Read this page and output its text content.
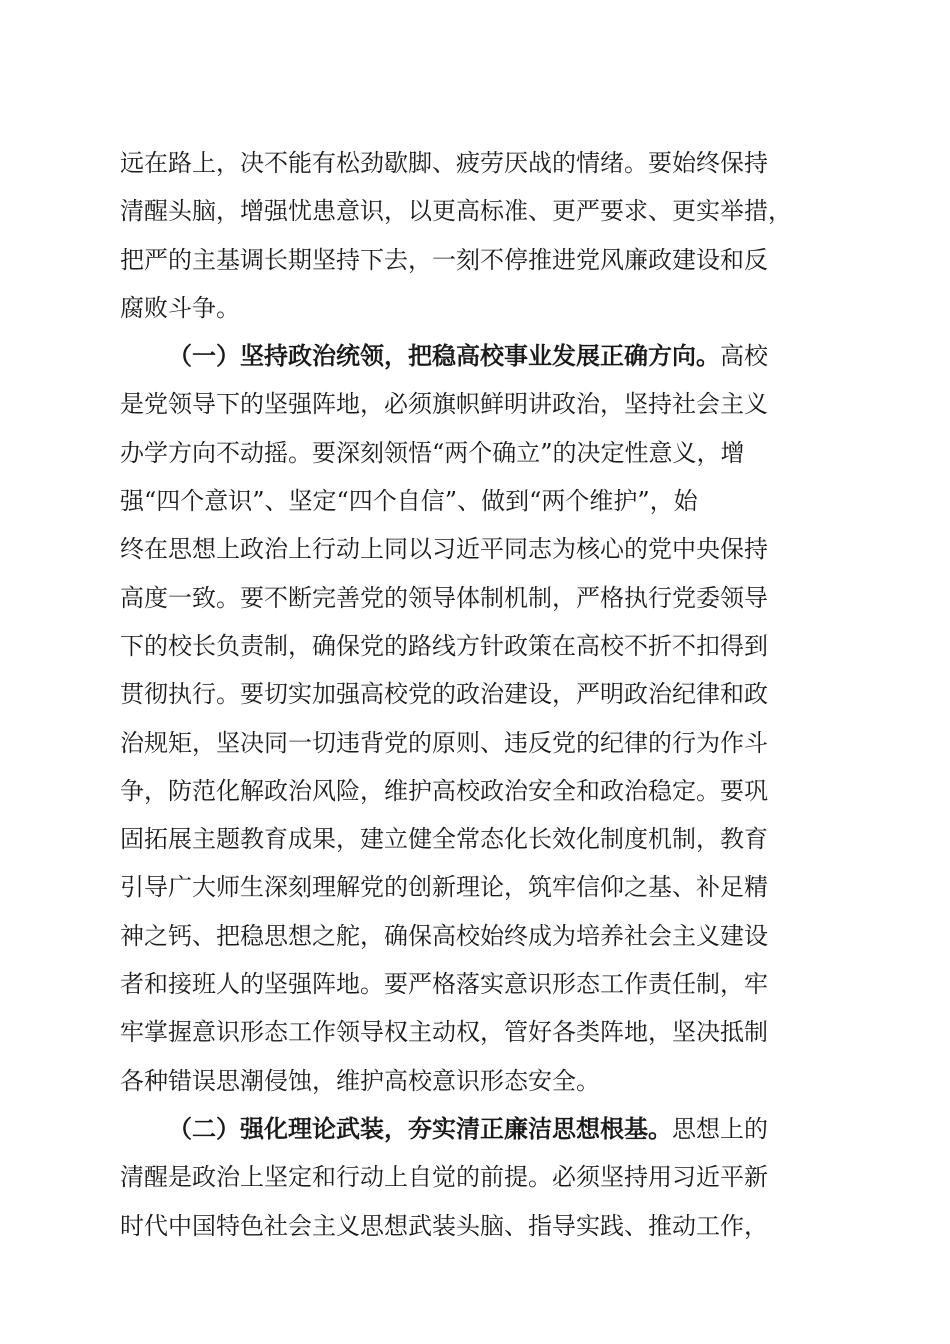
远在路上，决不能有松劲歇脚、疲劳厌战的情绪。要始终保持
清醒头脑，增强忧患意识，以更高标准、更严要求、更实举措，
把严的主基调长期坚持下去，一刻不停推进党风廉政建设和反
腐败斗争。

（一）坚持政治统领，把稳高校事业发展正确方向。高校
是党领导下的坚强阵地，必须旗帜鲜明讲政治，坚持社会主义
办学方向不动摇。要深刻领悟“两个确立”的决定性意义，增
强“四个意识”、坚定“四个自信”、做到“两个维护”，始
终在思想上政治上行动上同以习近平同志为核心的党中央保持
高度一致。要不断完善党的领导体制机制，严格执行党委领导
下的校长负责制，确保党的路线方针政策在高校不折不扣得到
贯彻执行。要切实加强高校党的政治建设，严明政治纪律和政
治规矩，坚决同一切违背党的原则、违反党的纪律的行为作斗
争，防范化解政治风险，维护高校政治安全和政治稳定。要巩
固拓展主题教育成果，建立健全常态化长效化制度机制，教育
引导广大师生深刻理解党的创新理论，筑牢信仰之基、补足精
神之钙、把稳思想之舵，确保高校始终成为培养社会主义建设
者和接班人的坚强阵地。要严格落实意识形态工作责任制，牢
牢掌握意识形态工作领导权主动权，管好各类阵地，坚决抵制
各种错误思潮侵蚀，维护高校意识形态安全。

（二）强化理论武装，夯实清正廉洁思想根基。思想上的
清醒是政治上坚定和行动上自觉的前提。必须坚持用习近平新
时代中国特色社会主义思想武装头脑、指导实践、推动工作，
